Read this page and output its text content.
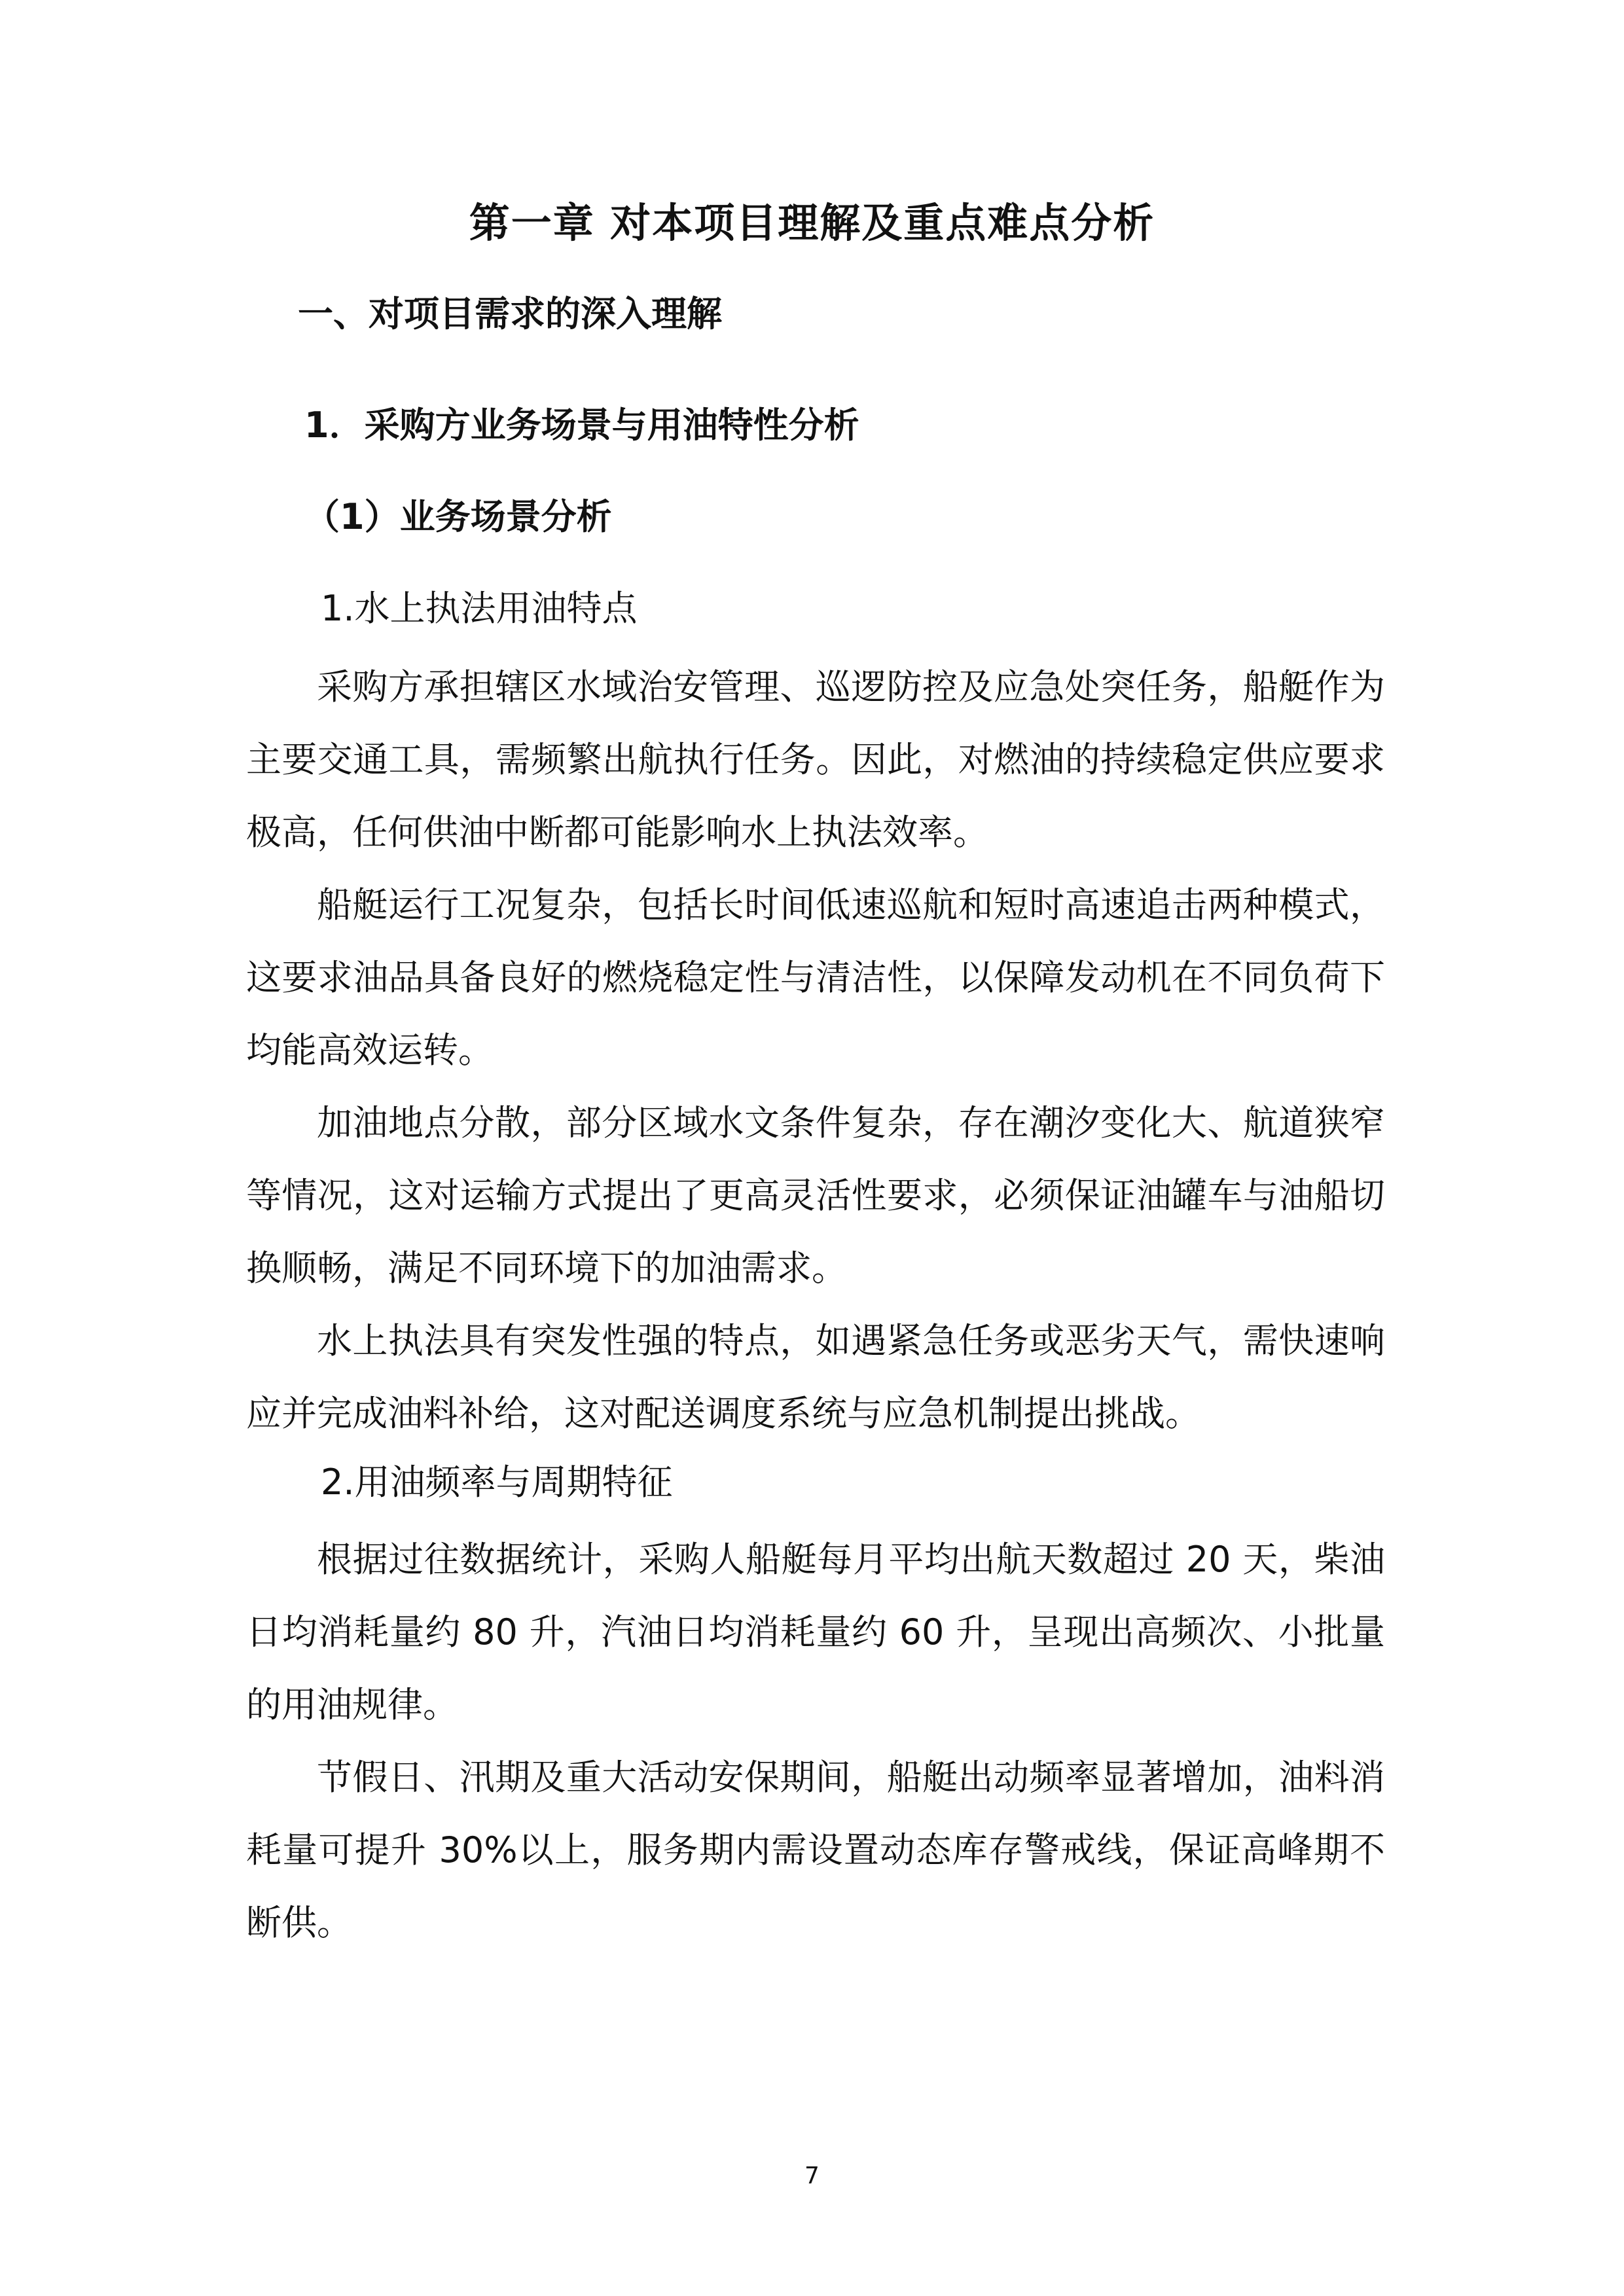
第一章 对本项目理解及重点难点分析
一、对项目需求的深入理解
1．采购方业务场景与用油特性分析
（1）业务场景分析
1.水上执法用油特点

采购方承担辖区水域治安管理、巡逻防控及应急处突任务，船艇作为主要交通工具，需频繁出航执行任务。因此，对燃油的持续稳定供应要求极高，任何供油中断都可能影响水上执法效率。

船艇运行工况复杂，包括长时间低速巡航和短时高速追击两种模式，这要求油品具备良好的燃烧稳定性与清洁性，以保障发动机在不同负荷下均能高效运转。

加油地点分散，部分区域水文条件复杂，存在潮汐变化大、航道狭窄等情况，这对运输方式提出了更高灵活性要求，必须保证油罐车与油船切换顺畅，满足不同环境下的加油需求。

水上执法具有突发性强的特点，如遇紧急任务或恶劣天气，需快速响应并完成油料补给，这对配送调度系统与应急机制提出挑战。

2.用油频率与周期特征

根据过往数据统计，采购人船艇每月平均出航天数超过 20 天，柴油日均消耗量约 80 升，汽油日均消耗量约 60 升，呈现出高频次、小批量的用油规律。

节假日、汛期及重大活动安保期间，船艇出动频率显著增加，油料消耗量可提升 30%以上，服务期内需设置动态库存警戒线，保证高峰期不断供。

7
